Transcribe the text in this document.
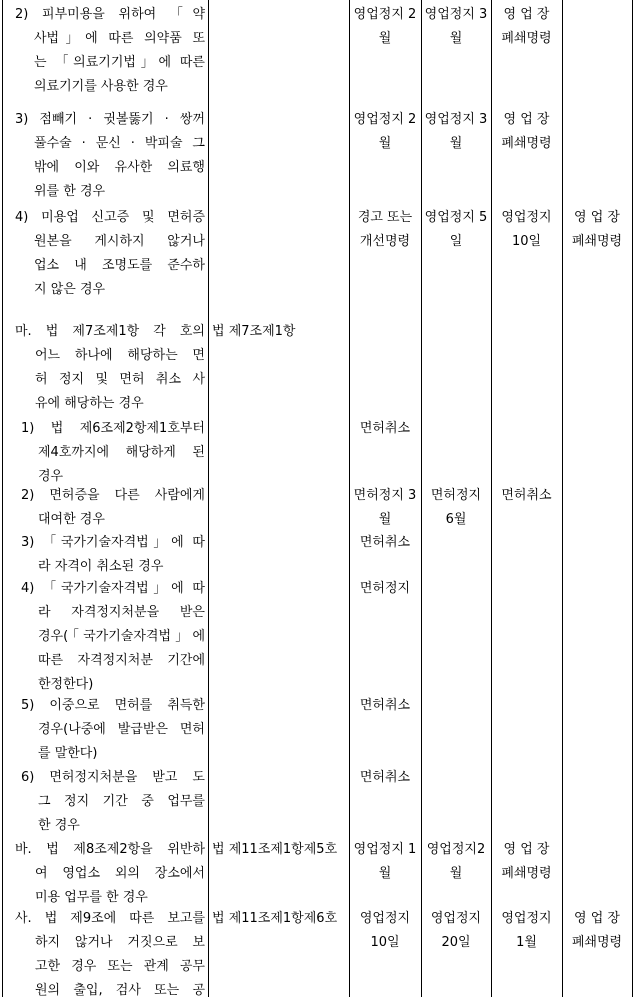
2) 피부미용을 위하여 「약
사법」에 따른 의약품 또
는 「의료기기법」에 따른
의료기기를 사용한 경우
영업정지 2
월
영업정지 3
월
영 업 장
폐쇄명령
3) 점빼기 · 귓볼뚫기 · 쌍꺼
풀수술 · 문신 · 박피술 그
밖에 이와 유사한 의료행
위를 한 경우
영업정지 2
월
영업정지 3
월
영 업 장
폐쇄명령
4) 미용업 신고증 및 면허증
원본을 게시하지 않거나
업소 내 조명도를 준수하
지 않은 경우
경고 또는
개선명령
영업정지 5
일
영업정지
10일
영 업 장
폐쇄명령
마. 법 제7조제1항 각 호의
어느 하나에 해당하는 면
허 정지 및 면허 취소 사
유에 해당하는 경우
법 제7조제1항
1) 법 제6조제2항제1호부터
제4호까지에 해당하게 된
경우
면허취소
2) 면허증을 다른 사람에게
대여한 경우
면허정지 3
월
면허정지
6월
면허취소
3) 「국가기술자격법」에 따
라 자격이 취소된 경우
면허취소
4) 「국가기술자격법」에 따
라 자격정지처분을 받은
경우(「국가기술자격법」에
따른 자격정지처분 기간에
한정한다)
면허정지
5) 이중으로 면허를 취득한
경우(나중에 발급받은 면허
를 말한다)
면허취소
6) 면허정지처분을 받고 도
그 정지 기간 중 업무를
한 경우
면허취소
바. 법 제8조제2항을 위반하
여 영업소 외의 장소에서
미용 업무를 한 경우
법 제11조제1항제5호	영업정지 1
월
영업정지2
월
영 업 장
폐쇄명령
사. 법 제9조에 따른 보고를
하지 않거나 거짓으로 보
고한 경우 또는 관계 공무
원의 출입, 검사 또는 공
법 제11조제1항제6호	영업정지
10일
영업정지
20일
영업정지
1월
영 업 장
폐쇄명령
